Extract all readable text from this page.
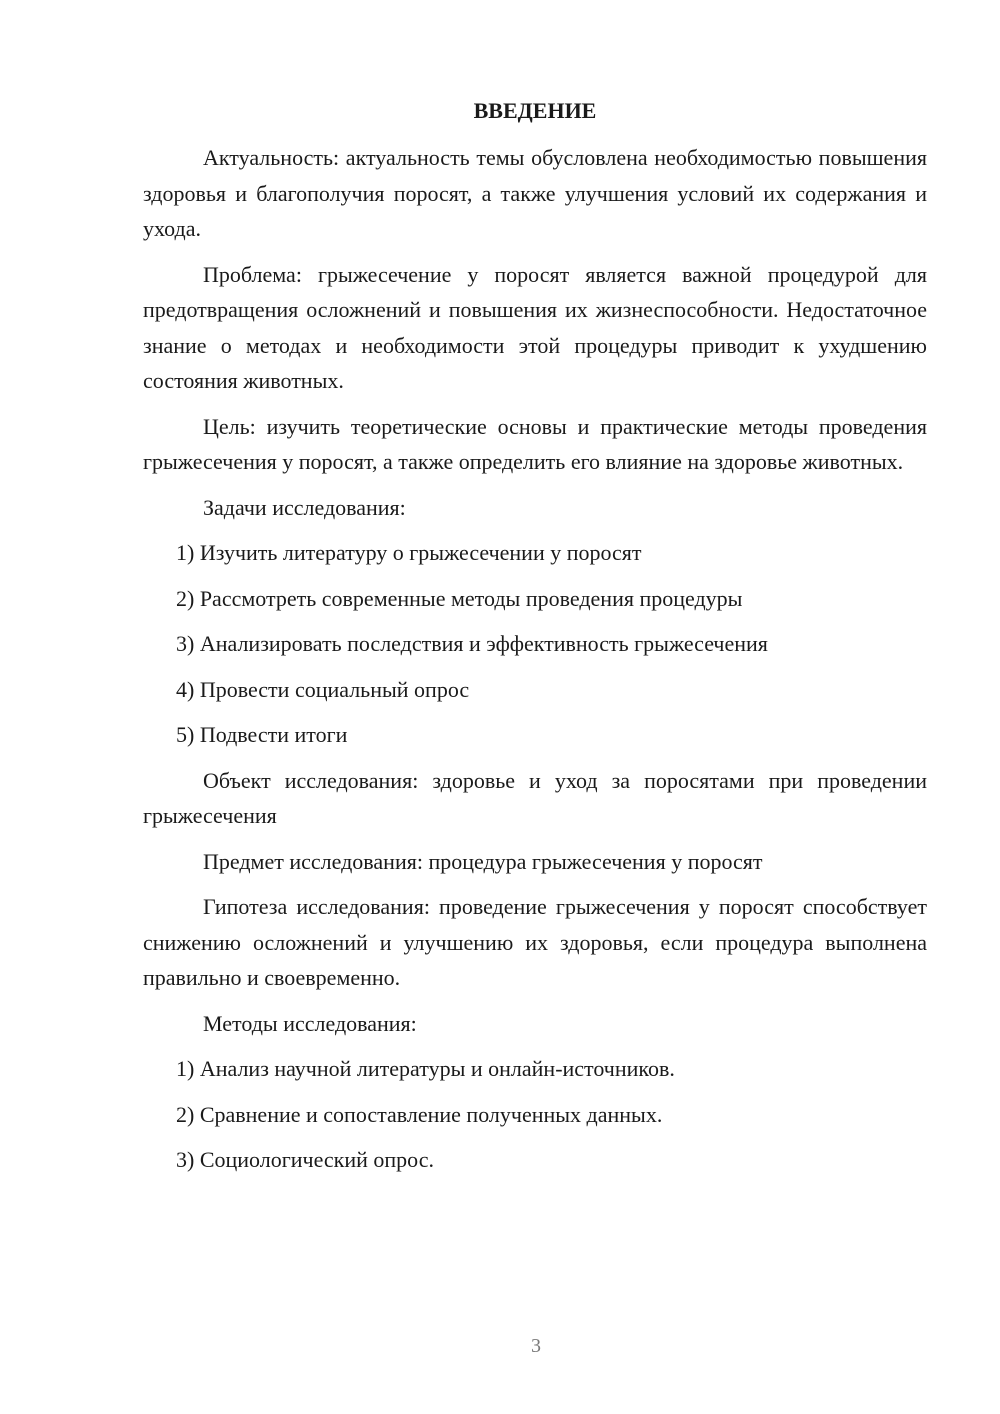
ВВЕДЕНИЕ

Актуальность: актуальность темы обусловлена необходимостью повышения здоровья и благополучия поросят, а также улучшения условий их содержания и ухода.

Проблема: грыжесечение у поросят является важной процедурой для предотвращения осложнений и повышения их жизнеспособности. Недостаточное знание о методах и необходимости этой процедуры приводит к ухудшению состояния животных.

Цель: изучить теоретические основы и практические методы проведения грыжесечения у поросят, а также определить его влияние на здоровье животных.

Задачи исследования:

1) Изучить литературу о грыжесечении у поросят
2) Рассмотреть современные методы проведения процедуры
3) Анализировать последствия и эффективность грыжесечения
4) Провести социальный опрос
5) Подвести итоги

Объект исследования: здоровье и уход за поросятами при проведении грыжесечения

Предмет исследования: процедура грыжесечения у поросят

Гипотеза исследования: проведение грыжесечения у поросят способствует снижению осложнений и улучшению их здоровья, если процедура выполнена правильно и своевременно.

Методы исследования:

1) Анализ научной литературы и онлайн-источников.
2) Сравнение и сопоставление полученных данных.
3) Социологический опрос.
3
